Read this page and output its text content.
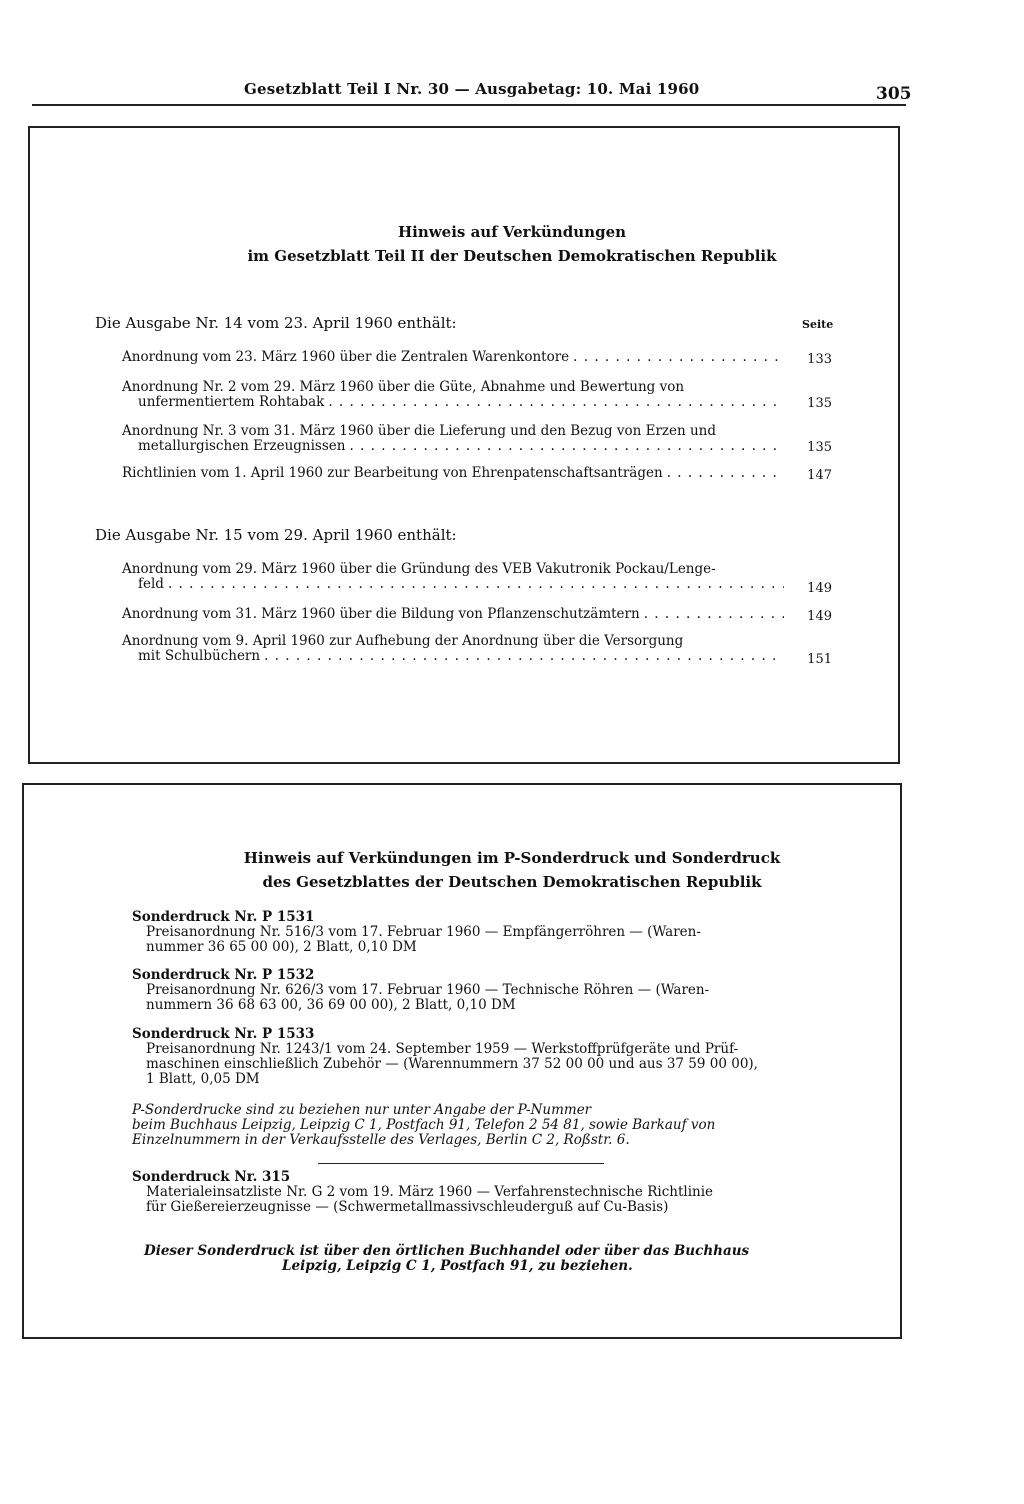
Gesetzblatt Teil I Nr. 30 — Ausgabetag: 10. Mai 1960	305
Hinweis auf Verkündungen
im Gesetzblatt Teil II der Deutschen Demokratischen Republik
Die Ausgabe Nr. 14 vom 23. April 1960 enthält:	Seite
Anordnung vom 23. März 1960 über die Zentralen Warenkontore . . .	133
Anordnung Nr. 2 vom 29. März 1960 über die Güte, Abnahme und Bewertung von
unfermentiertem Rohtabak . . .	135
Anordnung Nr. 3 vom 31. März 1960 über die Lieferung und den Bezug von Erzen und
metallurgischen Erzeugnissen . . .	135
Richtlinien vom 1. April 1960 zur Bearbeitung von Ehrenpatenschaftsanträgen . . .	147
Die Ausgabe Nr. 15 vom 29. April 1960 enthält:
Anordnung vom 29. März 1960 über die Gründung des VEB Vakutronik Pockau/Lenge-
feld . . .	149
Anordnung vom 31. März 1960 über die Bildung von Pflanzenschutzämtern . . .	149
Anordnung vom 9. April 1960 zur Aufhebung der Anordnung über die Versorgung
mit Schulbüchern . . .	151
Hinweis auf Verkündungen im P-Sonderdruck und Sonderdruck
des Gesetzblattes der Deutschen Demokratischen Republik
Sonderdruck Nr. P 1531
Preisanordnung Nr. 516/3 vom 17. Februar 1960 — Empfängerröhren — (Waren-
nummer 36 65 00 00), 2 Blatt, 0,10 DM
Sonderdruck Nr. P 1532
Preisanordnung Nr. 626/3 vom 17. Februar 1960 — Technische Röhren — (Waren-
nummern 36 68 63 00, 36 69 00 00), 2 Blatt, 0,10 DM
Sonderdruck Nr. P 1533
Preisanordnung Nr. 1243/1 vom 24. September 1959 — Werkstoffprüfgeräte und Prüf-
maschinen einschließlich Zubehör — (Warennummern 37 52 00 00 und aus 37 59 00 00),
1 Blatt, 0,05 DM
P-Sonderdrucke sind zu beziehen nur unter Angabe der P-Nummer
beim Buchhaus Leipzig, Leipzig C 1, Postfach 91, Telefon 2 54 81, sowie Barkauf von
Einzelnummern in der Verkaufsstelle des Verlages, Berlin C 2, Roßstr. 6.
Sonderdruck Nr. 315
Materialeinsatzliste Nr. G 2 vom 19. März 1960 — Verfahrenstechnische Richtlinie
für Gießereierzeugnisse — (Schwermetallmassivschleuderguß auf Cu-Basis)
Dieser Sonderdruck ist über den örtlichen Buchhandel oder über das Buchhaus
Leipzig, Leipzig C 1, Postfach 91, zu beziehen.
